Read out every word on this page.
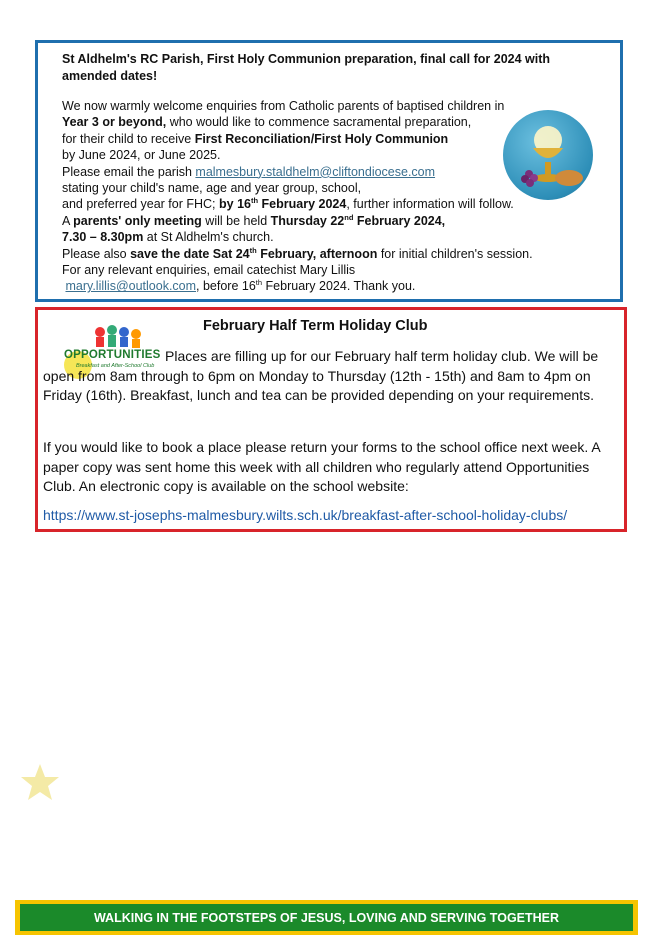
St Aldhelm's RC Parish, First Holy Communion preparation, final call for 2024 with amended dates!
We now warmly welcome enquiries from Catholic parents of baptised children in
Year 3 or beyond, who would like to commence sacramental preparation,
for their child to receive First Reconciliation/First Holy Communion
by June 2024, or June 2025.
Please email the parish malmesbury.staldhelm@cliftondiocese.com
stating your child's name, age and year group, school,
and preferred year for FHC; by 16th February 2024, further information will follow.
A parents' only meeting will be held Thursday 22nd February 2024,
7.30 – 8.30pm at St Aldhelm's church.
Please also save the date Sat 24th February, afternoon for initial children's session.
For any relevant enquiries, email catechist Mary Lillis
mary.lillis@outlook.com, before 16th February 2024. Thank you.
OPPORTUNITIES
Breakfast and After-School Club
February Half Term Holiday Club
Places are filling up for our February half term holiday club. We will be open from 8am through to 6pm on Monday to Thursday (12th - 15th) and 8am to 4pm on Friday (16th). Breakfast, lunch and tea can be provided depending on your requirements.
If you would like to book a place please return your forms to the school office next week. A paper copy was sent home this week with all children who regularly attend Opportunities Club. An electronic copy is available on the school website:
https://www.st-josephs-malmesbury.wilts.sch.uk/breakfast-after-school-holiday-clubs/
WALKING IN THE FOOTSTEPS OF JESUS, LOVING AND SERVING TOGETHER
